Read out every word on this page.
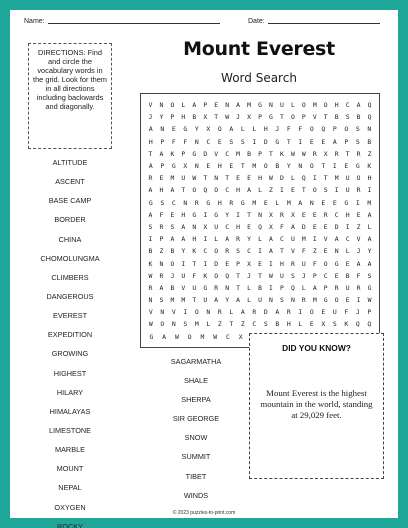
Name:	Date:
DIRECTIONS: Find and circle the vocabulary words in the grid. Look for them in all directions including backwards and diagonally.
Mount Everest
Word Search
V	N	O	L	A	P	E	N	A	M	G	N	U	L	O	M	O	H	C	A	Q
J	Y	P	H	B	X	T	W	J	X	P	G	T	O	P	V	T	B	S	B	Q
A	N	E	G	Y	X	O	A	L	L	H	J	F	F	O	Q	P	O	S	N
H	P	F	F	N	C	E	S	S	I	D	G	T	I	E	E	A	P	S	B
T	A	K	P	G	D	V	C	M	B	P	T	K	W	W	R	X	R	T	R	Z
A	P	G	X	N	E	H	E	T	M	O	B	Y	N	O	T	I	E	G	K
R	E	M	U	W	T	N	T	E	E	H	W	D	L	Q	I	T	M	U	O	H
A	H	A	T	O	Q	O	C	H	A	L	Z	I	E	T	O	S	I	U	R	I
G	S	C	N	R	G	H	R	G	M	E	L	M	A	N	E	E	G	I	M
A	F	E	H	G	I	G	Y	I	T	N	X	R	X	E	E	R	C	H	E	A
S	R	S	A	N	X	U	C	H	E	Q	X	F	A	D	E	E	D	I	Z	L
I	P	A	A	H	I	L	A	R	Y	L	A	C	U	M	I	V	A	C	V	A
B	Z	B	Y	K	C	O	R	S	C	I	A	T	V	F	Z	E	N	L	J	Y
K	N	O	I	T	I	D	E	P	X	E	I	H	R	U	F	O	G	E	A	A
W	R	J	U	F	K	O	Q	T	J	T	W	U	S	J	P	C	E	B	F	S
R	A	B	V	U	G	R	N	T	L	B	I	P	Q	L	A	P	R	U	R	G
N	S	M	M	T	U	A	Y	A	L	U	N	S	N	R	M	G	O	E	I	W
V	N	V	I	O	N	R	L	A	R	D	A	R	I	O	E	U	F	J	P
W	O	N	S	M	L	Z	T	Z	C	S	B	H	L	E	X	S	K	Q	Q
G	A	W	O	M	W	C	X
ALTITUDE
ASCENT
BASE CAMP
BORDER
CHINA
CHOMOLUNGMA
CLIMBERS
DANGEROUS
EVEREST
EXPEDITION
GROWING
HIGHEST
HILARY
HIMALAYAS
LIMESTONE
MARBLE
MOUNT
NEPAL
OXYGEN
ROCKY
SAGARMATHA
SHALE
SHERPA
SIR GEORGE
SNOW
SUMMIT
TIBET
WINDS
DID YOU KNOW?
Mount Everest is the highest mountain in the world, standing at 29,029 feet.
© 2023 puzzles-to-print.com
